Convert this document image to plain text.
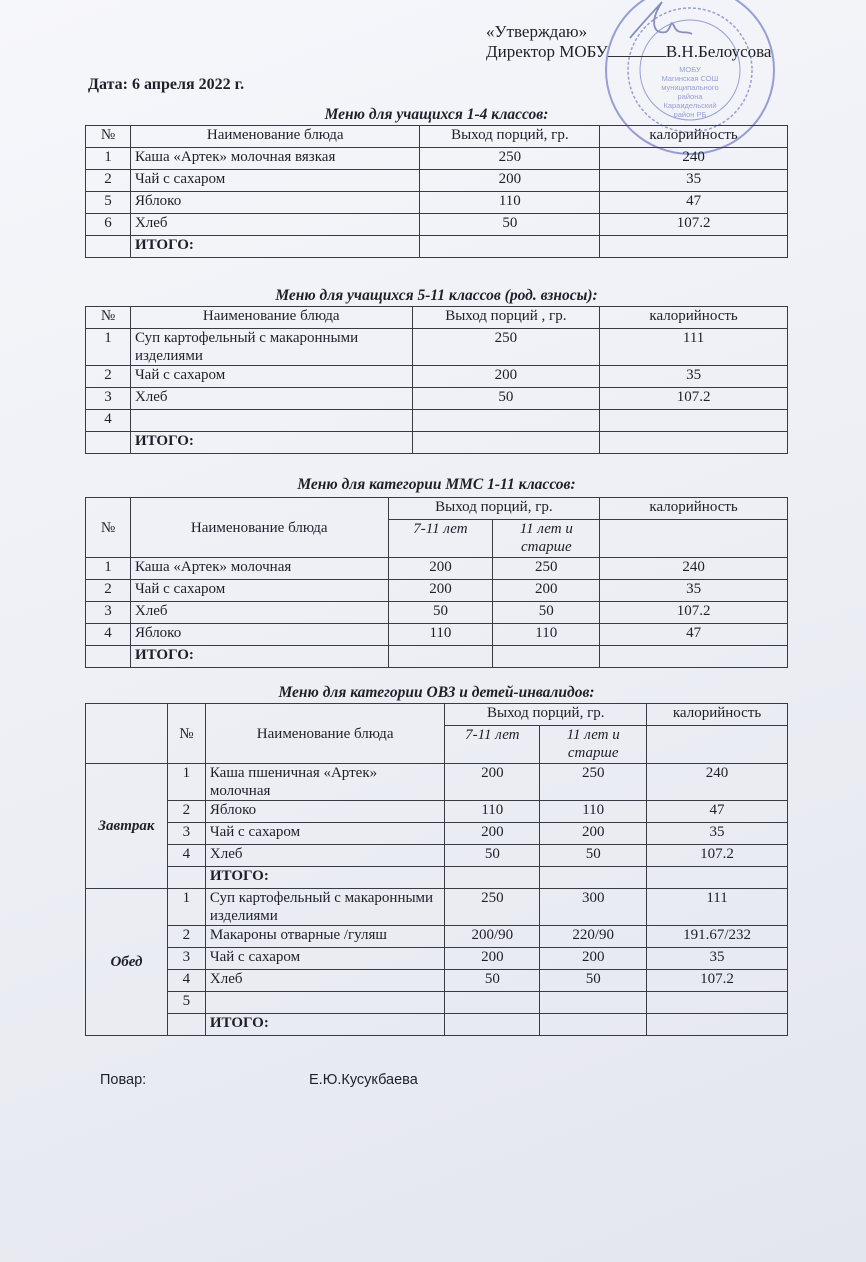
«Утверждаю»
Директор МОБУ	В.Н.Белоусова
МОБУ
Магинская СОШ
муниципального
района
Караидельский
район РБ
Дата: 6 апреля 2022 г.
Меню для учащихся 1-4 классов:
№	Наименование блюда	Выход порций, гр.	калорийность
1	Каша «Артек» молочная вязкая	250	240
2	Чай с сахаром	200	35
5	Яблоко	110	47
6	Хлеб	50	107.2
	ИТОГО:		
Меню для учащихся 5-11 классов (род. взносы):
№	Наименование блюда	Выход порций , гр.	калорийность
1	Суп картофельный с макаронными изделиями	250	111
2	Чай с сахаром	200	35
3	Хлеб	50	107.2
4			
	ИТОГО:		
Меню для категории ММС 1-11 классов:
№	Наименование блюда	Выход порций, гр.		калорийность
		7-11 лет	11 лет и старше	
1	Каша «Артек» молочная	200	250	240
2	Чай с сахаром	200	200	35
3	Хлеб	50	50	107.2
4	Яблоко	110	110	47
	ИТОГО:			
Меню для категории ОВЗ и детей-инвалидов:
	№	Наименование блюда	Выход порций, гр.		калорийность
			7-11 лет	11 лет и старше	
Завтрак	1	Каша пшеничная «Артек» молочная	200	250	240
	2	Яблоко	110	110	47
	3	Чай с сахаром	200	200	35
	4	Хлеб	50	50	107.2
		ИТОГО:			
Обед	1	Суп картофельный с макаронными изделиями	250	300	111
	2	Макароны отварные /гуляш	200/90	220/90	191.67/232
	3	Чай с сахаром	200	200	35
	4	Хлеб	50	50	107.2
	5				
		ИТОГО:			
Повар:	Е.Ю.Кусукбаева
